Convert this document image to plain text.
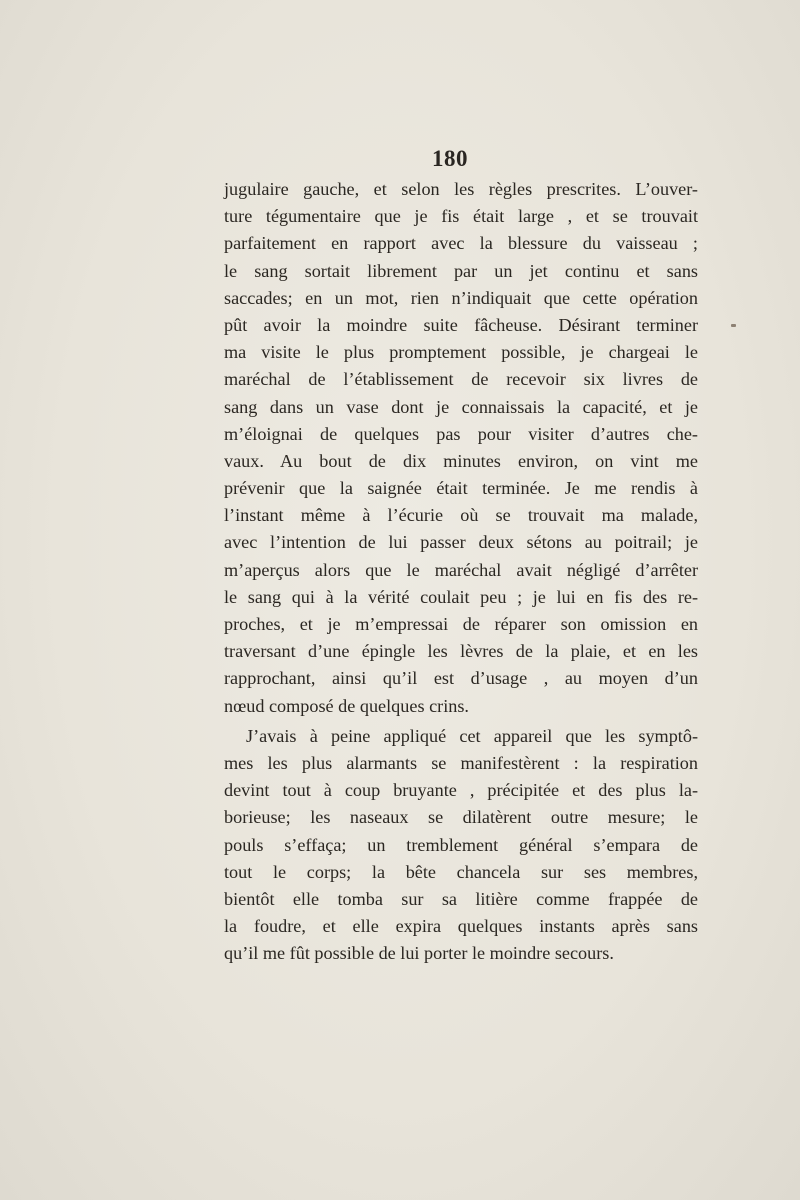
180
jugulaire gauche, et selon les règles prescrites. L’ouver-
ture tégumentaire que je fis était large , et se trouvait
parfaitement en rapport avec la blessure du vaisseau ;
le sang sortait librement par un jet continu et sans
saccades; en un mot, rien n’indiquait que cette opération
pût avoir la moindre suite fâcheuse. Désirant terminer
ma visite le plus promptement possible, je chargeai le
maréchal de l’établissement de recevoir six livres de
sang dans un vase dont je connaissais la capacité, et je
m’éloignai de quelques pas pour visiter d’autres che-
vaux. Au bout de dix minutes environ, on vint me
prévenir que la saignée était terminée. Je me rendis à
l’instant même à l’écurie où se trouvait ma malade,
avec l’intention de lui passer deux sétons au poitrail; je
m’aperçus alors que le maréchal avait négligé d’arrêter
le sang qui à la vérité coulait peu ; je lui en fis des re-
proches, et je m’empressai de réparer son omission en
traversant d’une épingle les lèvres de la plaie, et en les
rapprochant, ainsi qu’il est d’usage , au moyen d’un
nœud composé de quelques crins.
J’avais à peine appliqué cet appareil que les symptô-
mes les plus alarmants se manifestèrent : la respiration
devint tout à coup bruyante , précipitée et des plus la-
borieuse; les naseaux se dilatèrent outre mesure; le
pouls s’effaça; un tremblement général s’empara de
tout le corps; la bête chancela sur ses membres,
bientôt elle tomba sur sa litière comme frappée de
la foudre, et elle expira quelques instants après sans
qu’il me fût possible de lui porter le moindre secours.
